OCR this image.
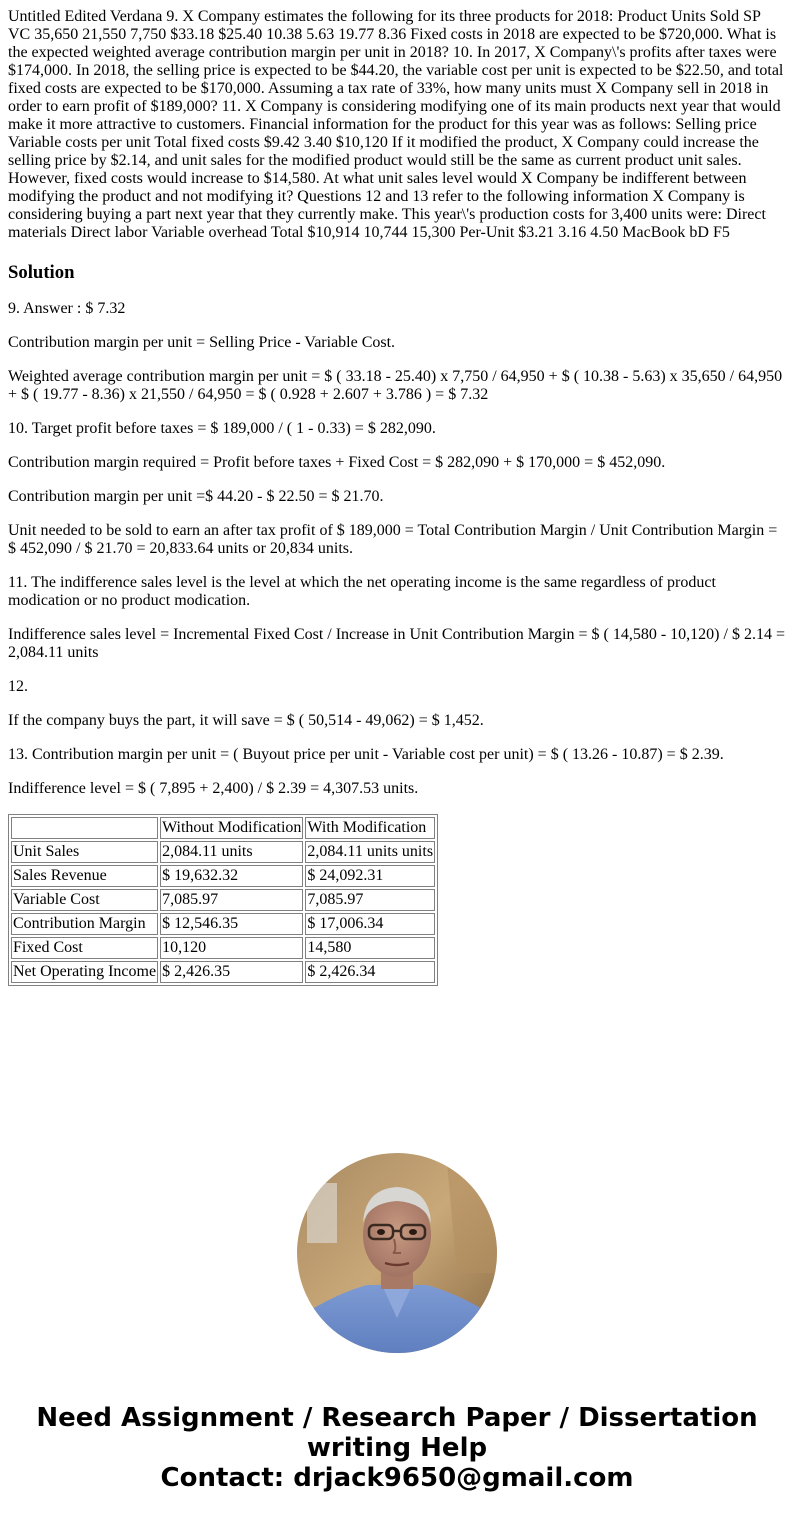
Untitled Edited Verdana 9. X Company estimates the following for its three products for 2018: Product Units Sold SP VC 35,650 21,550 7,750 $33.18 $25.40 10.38 5.63 19.77 8.36 Fixed costs in 2018 are expected to be $720,000. What is the expected weighted average contribution margin per unit in 2018? 10. In 2017, X Company\'s profits after taxes were $174,000. In 2018, the selling price is expected to be $44.20, the variable cost per unit is expected to be $22.50, and total fixed costs are expected to be $170,000. Assuming a tax rate of 33%, how many units must X Company sell in 2018 in order to earn profit of $189,000? 11. X Company is considering modifying one of its main products next year that would make it more attractive to customers. Financial information for the product for this year was as follows: Selling price Variable costs per unit Total fixed costs $9.42 3.40 $10,120 If it modified the product, X Company could increase the selling price by $2.14, and unit sales for the modified product would still be the same as current product unit sales. However, fixed costs would increase to $14,580. At what unit sales level would X Company be indifferent between modifying the product and not modifying it? Questions 12 and 13 refer to the following information X Company is considering buying a part next year that they currently make. This year\'s production costs for 3,400 units were: Direct materials Direct labor Variable overhead Total $10,914 10,744 15,300 Per-Unit $3.21 3.16 4.50 MacBook bD F5
Solution

9. Answer : $ 7.32

Contribution margin per unit = Selling Price - Variable Cost.

Weighted average contribution margin per unit = $ ( 33.18 - 25.40) x 7,750 / 64,950 + $ ( 10.38 - 5.63) x 35,650 / 64,950 + $ ( 19.77 - 8.36) x 21,550 / 64,950 = $ ( 0.928 + 2.607 + 3.786 ) = $ 7.32

10. Target profit before taxes = $ 189,000 / ( 1 - 0.33) = $ 282,090.

Contribution margin required = Profit before taxes + Fixed Cost = $ 282,090 + $ 170,000 = $ 452,090.

Contribution margin per unit =$ 44.20 - $ 22.50 = $ 21.70.

Unit needed to be sold to earn an after tax profit of $ 189,000 = Total Contribution Margin / Unit Contribution Margin = $ 452,090 / $ 21.70 = 20,833.64 units or 20,834 units.

11. The indifference sales level is the level at which the net operating income is the same regardless of product modication or no product modication.

Indifference sales level = Incremental Fixed Cost / Increase in Unit Contribution Margin = $ ( 14,580 - 10,120) / $ 2.14 = 2,084.11 units

12.

If the company buys the part, it will save = $ ( 50,514 - 49,062) = $ 1,452.

13. Contribution margin per unit = ( Buyout price per unit - Variable cost per unit) = $ ( 13.26 - 10.87) = $ 2.39.

Indifference level = $ ( 7,895 + 2,400) / $ 2.39 = 4,307.53 units.

	Without Modification	With Modification
Unit Sales	2,084.11 units	2,084.11 units units
Sales Revenue	$ 19,632.32	$ 24,092.31
Variable Cost	7,085.97	7,085.97
Contribution Margin	$ 12,546.35	$ 17,006.34
Fixed Cost	10,120	14,580
Net Operating Income	$ 2,426.35	$ 2,426.34
Need Assignment / Research Paper / Dissertation
writing Help
Contact: drjack9650@gmail.com
